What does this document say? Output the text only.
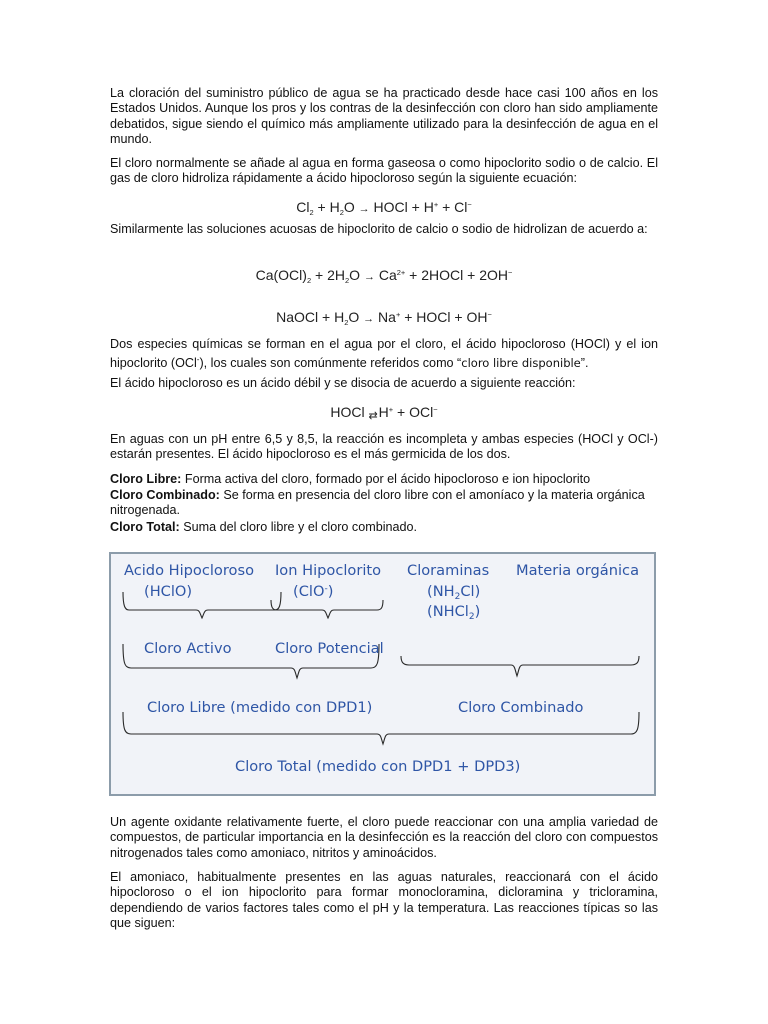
La cloración del suministro público de agua se ha practicado desde hace casi 100 años en los Estados Unidos. Aunque los pros y los contras de la desinfección con cloro han sido ampliamente debatidos, sigue siendo el químico más ampliamente utilizado para la desinfección de agua en el mundo.

El cloro normalmente se añade al agua en forma gaseosa o como hipoclorito sodio o de calcio. El gas de cloro hidroliza rápidamente a ácido hipocloroso según la siguiente ecuación:

$Cl_2 + H_2O$ → HOCl + H+ + Cl−

Similarmente las soluciones acuosas de hipoclorito de calcio o sodio de hidrolizan de acuerdo a:

$Ca(OCl)_2 + 2H_2O \to Ca^{2+}$ + 2HOCl + 2OH−
NaOCl + $H_2O \to Na^+$ + HOCl + OH−

Dos especies químicas se forman en el agua por el cloro, el ácido hipocloroso (HOCl) y el ion hipoclorito (OCl-), los cuales son comúnmente referidos como “cloro libre disponible”.

El ácido hipocloroso es un ácido débil y se disocia de acuerdo a siguiente reacción:

HOCl ⇄ H+ + OCl−

En aguas con un pH entre 6,5 y 8,5, la reacción es incompleta y ambas especies (HOCl y OCl-) estarán presentes. El ácido hipocloroso es el más germicida de los dos.

Cloro Libre: Forma activa del cloro, formado por el ácido hipocloroso e ion hipoclorito

Cloro Combinado: Se forma en presencia del cloro libre con el amoníaco y la materia orgánica nitrogenada.

Cloro Total: Suma del cloro libre y el cloro combinado.

Acido Hipocloroso
(HClO)
Ion Hipoclorito
(ClO-)
Cloraminas
$(NH_2Cl)$
(NHCl$_2$)
Materia orgánica
Cloro Activo	Cloro Potencial
Cloro Libre (medido con DPD1)	Cloro Combinado
Cloro Total (medido con DPD1 + DPD3)

Un agente oxidante relativamente fuerte, el cloro puede reaccionar con una amplia variedad de compuestos, de particular importancia en la desinfección es la reacción del cloro con compuestos nitrogenados tales como amoniaco, nitritos y aminoácidos.

El amoniaco, habitualmente presentes en las aguas naturales, reaccionará con el ácido hipocloroso o el ion hipoclorito para formar monocloramina, dicloramina y tricloramina, dependiendo de varios factores tales como el pH y la temperatura. Las reacciones típicas so las que siguen:
